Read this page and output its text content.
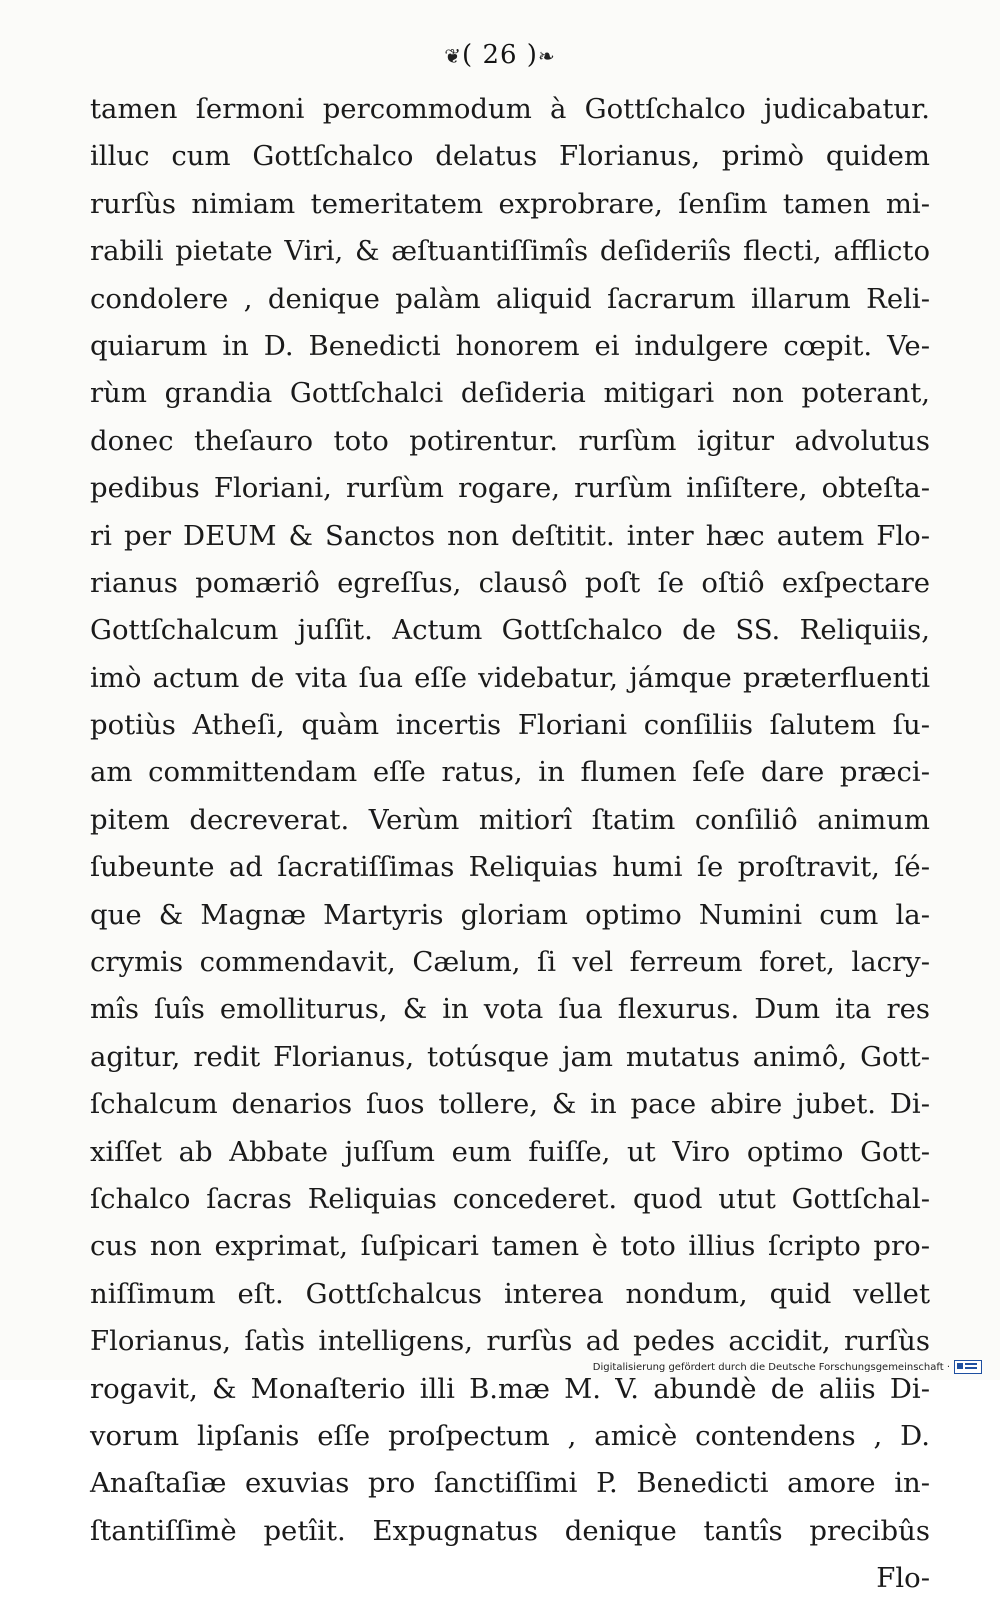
❦( 26 )❧
tamen ſermoni percommodum à Gottſchalco judicabatur.
illuc cum Gottſchalco delatus Florianus, primò quidem
rurſùs nimiam temeritatem exprobrare, ſenſim tamen mi-
rabili pietate Viri, & æſtuantiſſimîs deſideriîs flecti, afflicto
condolere , denique palàm aliquid ſacrarum illarum Reli-
quiarum in D. Benedicti honorem ei indulgere cœpit. Ve-
rùm grandia Gottſchalci deſideria mitigari non poterant,
donec theſauro toto potirentur. rurſùm igitur advolutus
pedibus Floriani, rurſùm rogare, rurſùm inſiſtere, obteſta-
ri per DEUM & Sanctos non deſtitit. inter hæc autem Flo-
rianus pomæriô egreſſus, clausô poſt ſe oſtiô exſpectare
Gottſchalcum juſſit. Actum Gottſchalco de SS. Reliquiis,
imò actum de vita ſua eſſe videbatur, jámque præterfluenti
potiùs Atheſi, quàm incertis Floriani conſiliis ſalutem ſu-
am committendam eſſe ratus, in flumen ſeſe dare præci-
pitem decreverat. Verùm mitiorî ſtatim conſiliô animum
ſubeunte ad ſacratiſſimas Reliquias humi ſe proſtravit, ſé-
que & Magnæ Martyris gloriam optimo Numini cum la-
crymis commendavit, Cælum, ſi vel ferreum foret, lacry-
mîs ſuîs emolliturus, & in vota ſua flexurus. Dum ita res
agitur, redit Florianus, totúsque jam mutatus animô, Gott-
ſchalcum denarios ſuos tollere, & in pace abire jubet. Di-
xiſſet ab Abbate juſſum eum fuiſſe, ut Viro optimo Gott-
ſchalco ſacras Reliquias concederet. quod utut Gottſchal-
cus non exprimat, ſuſpicari tamen è toto illius ſcripto pro-
niſſimum eſt. Gottſchalcus interea nondum, quid vellet
Florianus, ſatìs intelligens, rurſùs ad pedes accidit, rurſùs
rogavit, & Monaſterio illi B.mæ M. V. abundè de aliis Di-
vorum lipſanis eſſe proſpectum , amicè contendens , D.
Anaſtaſiæ exuvias pro ſanctiſſimi P. Benedicti amore in-
ſtantiſſimè petîit. Expugnatus denique tantîs precibûs
Flo-
Digitalisierung gefördert durch die Deutsche Forschungsgemeinschaft ·
